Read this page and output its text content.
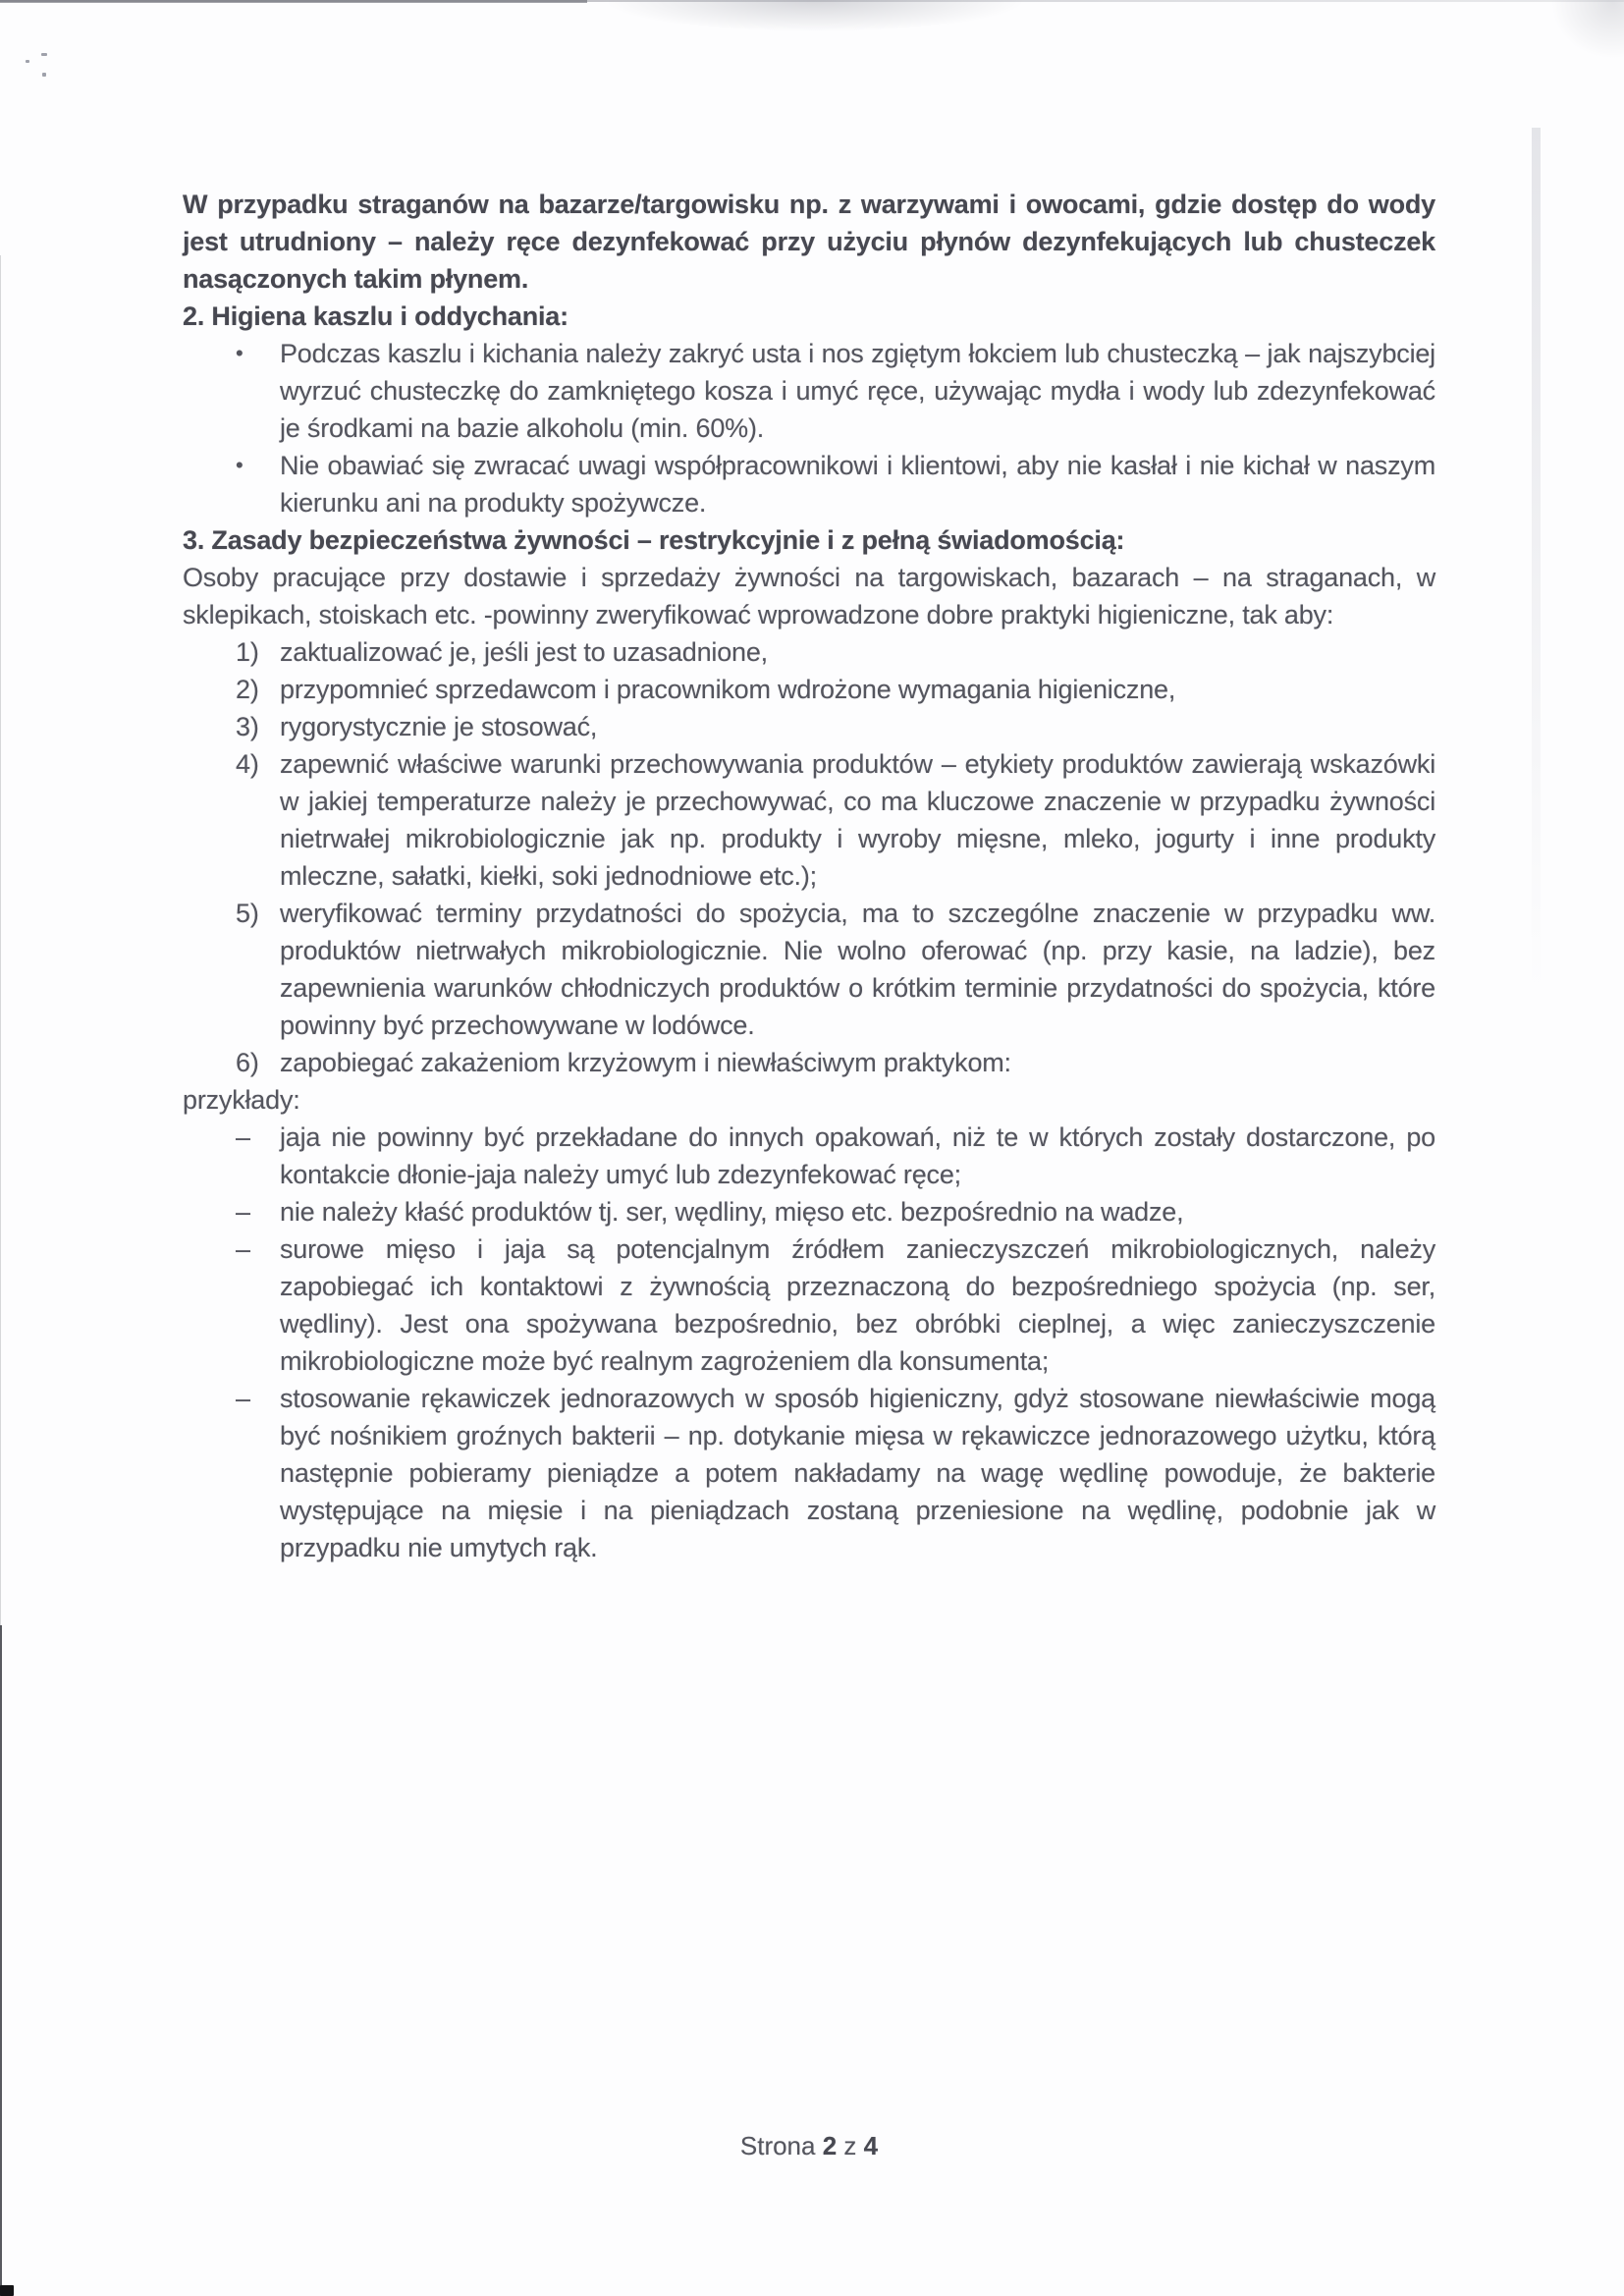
W przypadku straganów na bazarze/targowisku np. z warzywami i owocami, gdzie dostęp do wody jest utrudniony – należy ręce dezynfekować przy użyciu płynów dezynfekujących lub chusteczek nasączonych takim płynem.

2. Higiena kaszlu i oddychania:
• Podczas kaszlu i kichania należy zakryć usta i nos zgiętym łokciem lub chusteczką – jak najszybciej wyrzuć chusteczkę do zamkniętego kosza i umyć ręce, używając mydła i wody lub zdezynfekować je środkami na bazie alkoholu (min. 60%).
• Nie obawiać się zwracać uwagi współpracownikowi i klientowi, aby nie kasłał i nie kichał w naszym kierunku ani na produkty spożywcze.
3. Zasady bezpieczeństwa żywności – restrykcyjnie i z pełną świadomością:

Osoby pracujące przy dostawie i sprzedaży żywności na targowiskach, bazarach – na straganach, w sklepikach, stoiskach etc. -powinny zweryfikować wprowadzone dobre praktyki higieniczne, tak aby:

1) zaktualizować je, jeśli jest to uzasadnione,
2) przypomnieć sprzedawcom i pracownikom wdrożone wymagania higieniczne,
3) rygorystycznie je stosować,
4) zapewnić właściwe warunki przechowywania produktów – etykiety produktów zawierają wskazówki w jakiej temperaturze należy je przechowywać, co ma kluczowe znaczenie w przypadku żywności nietrwałej mikrobiologicznie jak np. produkty i wyroby mięsne, mleko, jogurty i inne produkty mleczne, sałatki, kiełki, soki jednodniowe etc.);
5) weryfikować terminy przydatności do spożycia, ma to szczególne znaczenie w przypadku ww. produktów nietrwałych mikrobiologicznie. Nie wolno oferować (np. przy kasie, na ladzie), bez zapewnienia warunków chłodniczych produktów o krótkim terminie przydatności do spożycia, które powinny być przechowywane w lodówce.
6) zapobiegać zakażeniom krzyżowym i niewłaściwym praktykom:

przykłady:

– jaja nie powinny być przekładane do innych opakowań, niż te w których zostały dostarczone, po kontakcie dłonie-jaja należy umyć lub zdezynfekować ręce;
– nie należy kłaść produktów tj. ser, wędliny, mięso etc. bezpośrednio na wadze,
– surowe mięso i jaja są potencjalnym źródłem zanieczyszczeń mikrobiologicznych, należy zapobiegać ich kontaktowi z żywnością przeznaczoną do bezpośredniego spożycia (np. ser, wędliny). Jest ona spożywana bezpośrednio, bez obróbki cieplnej, a więc zanieczyszczenie mikrobiologiczne może być realnym zagrożeniem dla konsumenta;
– stosowanie rękawiczek jednorazowych w sposób higieniczny, gdyż stosowane niewłaściwie mogą być nośnikiem groźnych bakterii – np. dotykanie mięsa w rękawiczce jednorazowego użytku, którą następnie pobieramy pieniądze a potem nakładamy na wagę wędlinę powoduje, że bakterie występujące na mięsie i na pieniądzach zostaną przeniesione na wędlinę, podobnie jak w przypadku nie umytych rąk.
Strona 2 z 4
